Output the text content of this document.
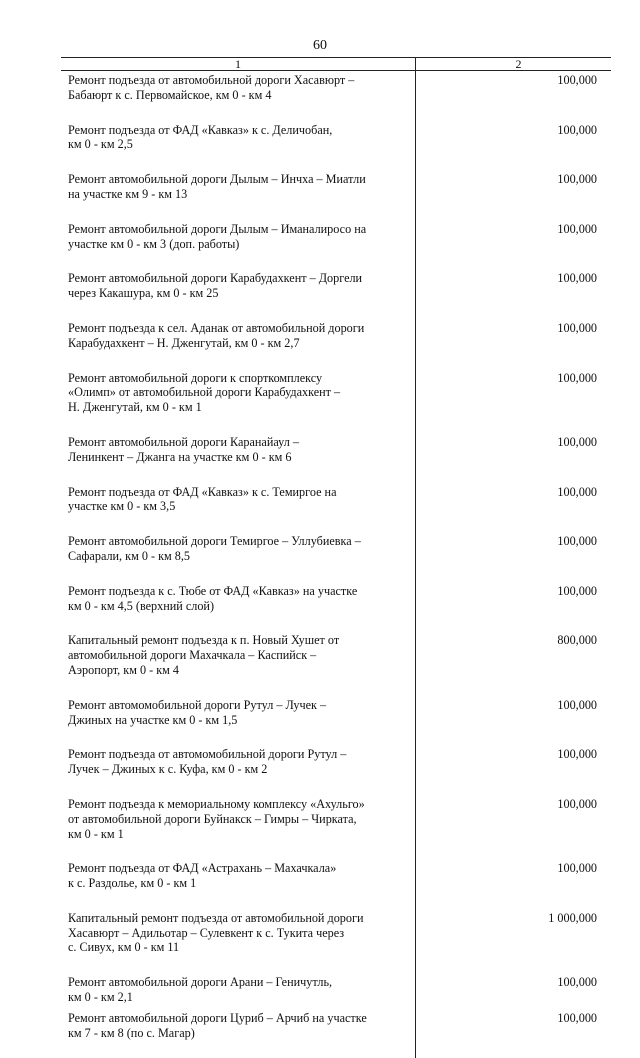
60
1	2
Ремонт подъезда от автомобильной дороги Хасавюрт –
Бабаюрт к с. Первомайское, км 0 - км 4
100,000
Ремонт подъезда от ФАД «Кавказ» к с. Деличобан,
км 0 - км 2,5
100,000
Ремонт автомобильной дороги Дылым – Инчха – Миатли
на участке км 9 - км 13
100,000
Ремонт автомобильной дороги Дылым – Иманалиросо на
участке км 0 - км 3 (доп. работы)
100,000
Ремонт автомобильной дороги Карабудахкент – Доргели
через Какашура, км 0 - км 25
100,000
Ремонт подъезда к сел. Аданак от автомобильной дороги
Карабудахкент – Н. Дженгутай, км 0 - км 2,7
100,000
Ремонт автомобильной дороги к спорткомплексу
«Олимп» от автомобильной дороги Карабудахкент –
Н. Дженгутай, км 0 - км 1
100,000
Ремонт автомобильной дороги Каранайаул –
Ленинкент – Джанга на участке км 0 - км 6
100,000
Ремонт подъезда от ФАД «Кавказ» к с. Темиргое на
участке км 0 - км 3,5
100,000
Ремонт автомобильной дороги Темиргое – Уллубиевка –
Сафарали, км 0 - км 8,5
100,000
Ремонт подъезда к с. Тюбе от ФАД «Кавказ» на участке
км 0 - км 4,5 (верхний слой)
100,000
Капитальный ремонт подъезда к п. Новый Хушет от
автомобильной дороги Махачкала – Каспийск –
Аэропорт, км 0 - км 4
800,000
Ремонт автомомобильной дороги Рутул – Лучек –
Джиных на участке км 0 - км 1,5
100,000
Ремонт подъезда от автомомобильной дороги Рутул –
Лучек – Джиных к с. Куфа, км 0 - км 2
100,000
Ремонт подъезда к мемориальному комплексу «Ахульго»
от автомобильной дороги Буйнакск – Гимры – Чирката,
км 0 - км 1
100,000
Ремонт подъезда от ФАД «Астрахань – Махачкала»
к с. Раздолье, км 0 - км 1
100,000
Капитальный ремонт подъезда от автомобильной дороги
Хасавюрт – Адильотар – Сулевкент к с. Тукита через
с. Сивух, км 0 - км 11
1 000,000
Ремонт автомобильной дороги Арани – Геничутль,
км 0 - км 2,1
100,000
Ремонт автомобильной дороги Цуриб – Арчиб на участке
км 7 - км 8 (по с. Магар)
100,000
